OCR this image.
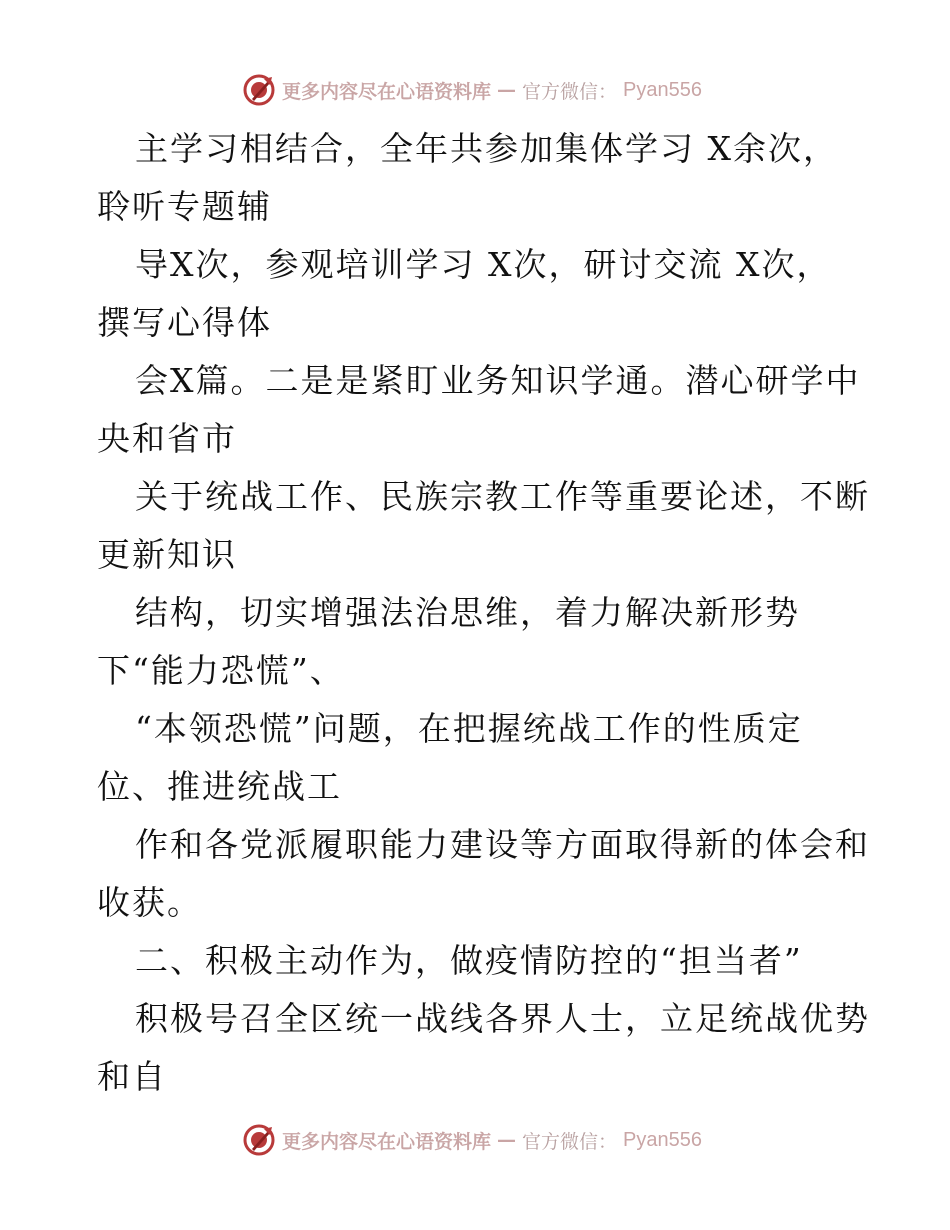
更多内容尽在心语资料库 — 官方微信： Pyan556
主学习相结合，全年共参加集体学习 X余次，
聆听专题辅
导X次，参观培训学习 X次，研讨交流 X次，
撰写心得体
会X篇。二是是紧盯业务知识学通。潜心研学中
央和省市
关于统战工作、民族宗教工作等重要论述，不断
更新知识
结构，切实增强法治思维，着力解决新形势
下“能力恐慌”、
“本领恐慌”问题，在把握统战工作的性质定
位、推进统战工
作和各党派履职能力建设等方面取得新的体会和
收获。
二、积极主动作为，做疫情防控的“担当者”
积极号召全区统一战线各界人士，立足统战优势
和自
更多内容尽在心语资料库 — 官方微信： Pyan556
